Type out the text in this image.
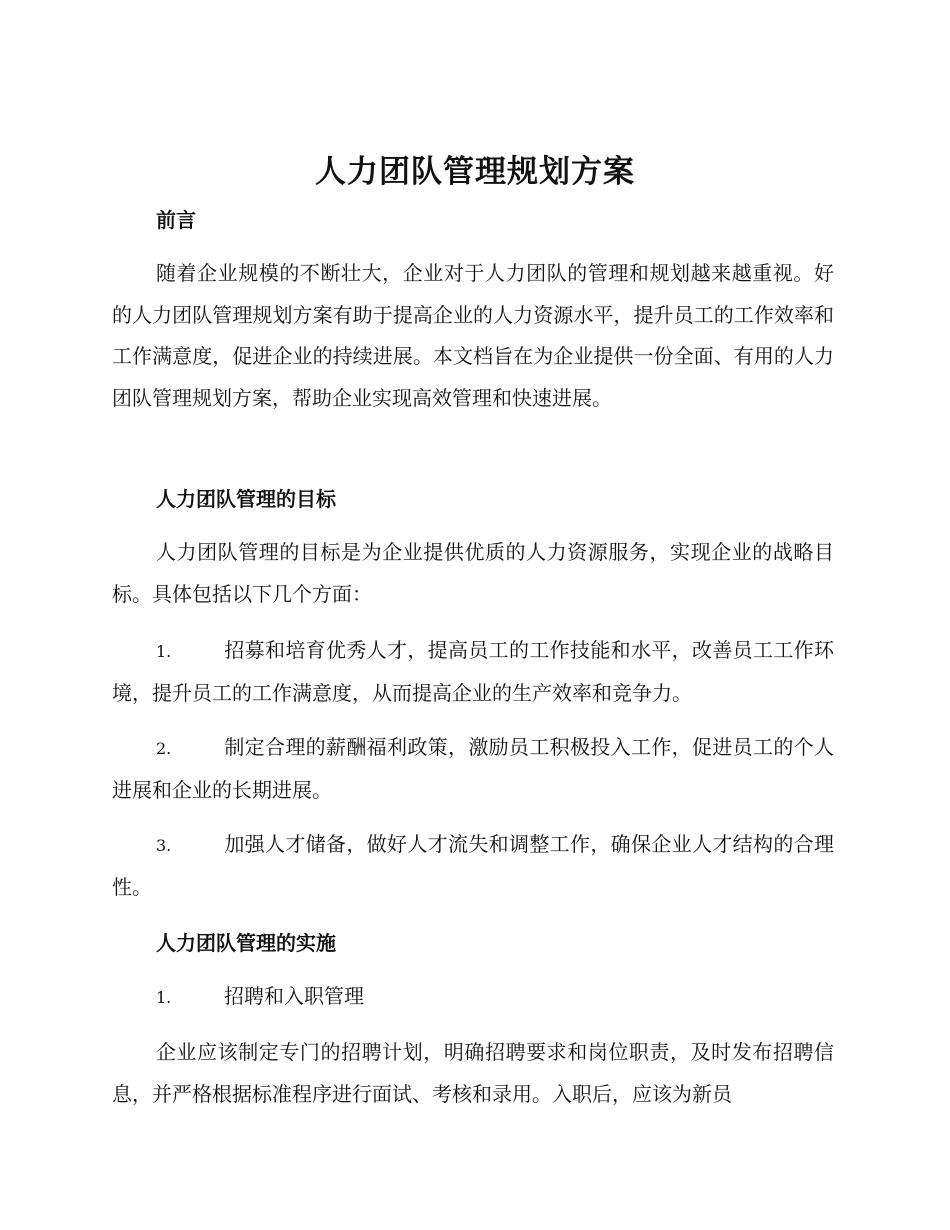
人力团队管理规划方案
前言

随着企业规模的不断壮大，企业对于人力团队的管理和规划越来越重视。好的人力团队管理规划方案有助于提高企业的人力资源水平，提升员工的工作效率和工作满意度，促进企业的持续进展。本文档旨在为企业提供一份全面、有用的人力团队管理规划方案，帮助企业实现高效管理和快速进展。

人力团队管理的目标

人力团队管理的目标是为企业提供优质的人力资源服务，实现企业的战略目标。具体包括以下几个方面：

1.	招募和培育优秀人才，提高员工的工作技能和水平，改善员工工作环境，提升员工的工作满意度，从而提高企业的生产效率和竞争力。

2.	制定合理的薪酬福利政策，激励员工积极投入工作，促进员工的个人进展和企业的长期进展。

3.	加强人才储备，做好人才流失和调整工作，确保企业人才结构的合理性。

人力团队管理的实施

1.	招聘和入职管理

企业应该制定专门的招聘计划，明确招聘要求和岗位职责，及时发布招聘信息，并严格根据标准程序进行面试、考核和录用。入职后，应该为新员
